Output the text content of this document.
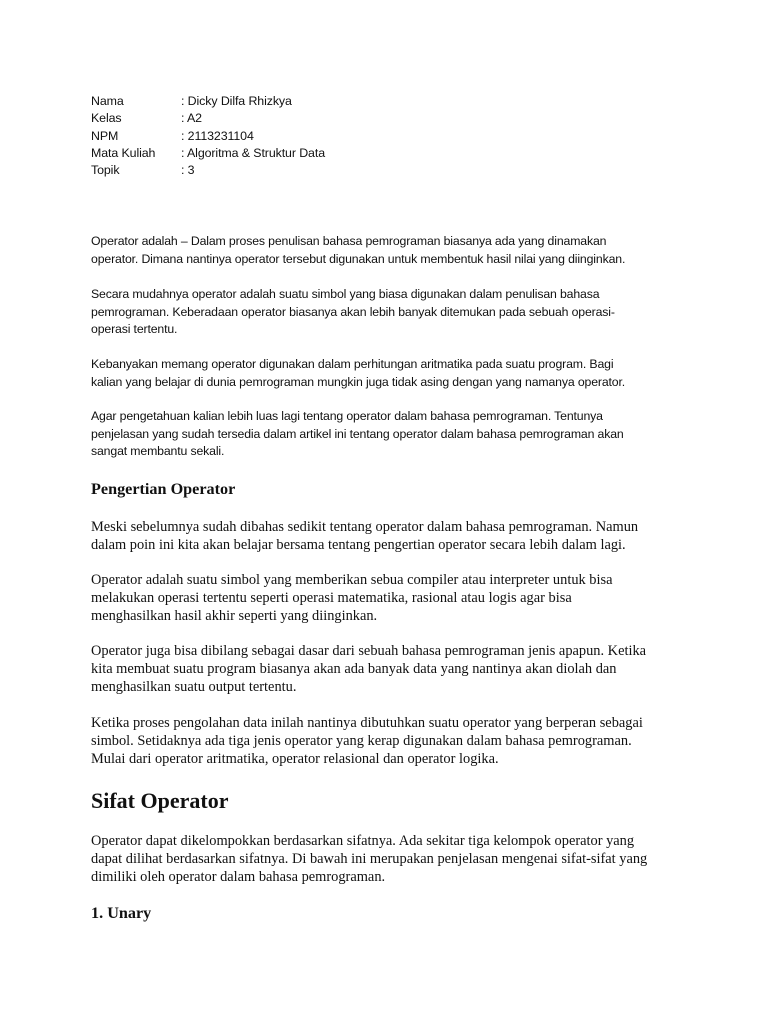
Nama	: Dicky Dilfa Rhizkya
Kelas	: A2
NPM	: 2113231104
Mata Kuliah	: Algoritma & Struktur Data
Topik	: 3

Operator adalah – Dalam proses penulisan bahasa pemrograman biasanya ada yang dinamakan
operator. Dimana nantinya operator tersebut digunakan untuk membentuk hasil nilai yang diinginkan.

Secara mudahnya operator adalah suatu simbol yang biasa digunakan dalam penulisan bahasa
pemrograman. Keberadaan operator biasanya akan lebih banyak ditemukan pada sebuah operasi-
operasi tertentu.

Kebanyakan memang operator digunakan dalam perhitungan aritmatika pada suatu program. Bagi
kalian yang belajar di dunia pemrograman mungkin juga tidak asing dengan yang namanya operator.

Agar pengetahuan kalian lebih luas lagi tentang operator dalam bahasa pemrograman. Tentunya
penjelasan yang sudah tersedia dalam artikel ini tentang operator dalam bahasa pemrograman akan
sangat membantu sekali.

Pengertian Operator

Meski sebelumnya sudah dibahas sedikit tentang operator dalam bahasa pemrograman. Namun
dalam poin ini kita akan belajar bersama tentang pengertian operator secara lebih dalam lagi.

Operator adalah suatu simbol yang memberikan sebua compiler atau interpreter untuk bisa
melakukan operasi tertentu seperti operasi matematika, rasional atau logis agar bisa
menghasilkan hasil akhir seperti yang diinginkan.

Operator juga bisa dibilang sebagai dasar dari sebuah bahasa pemrograman jenis apapun. Ketika
kita membuat suatu program biasanya akan ada banyak data yang nantinya akan diolah dan
menghasilkan suatu output tertentu.

Ketika proses pengolahan data inilah nantinya dibutuhkan suatu operator yang berperan sebagai
simbol. Setidaknya ada tiga jenis operator yang kerap digunakan dalam bahasa pemrograman.
Mulai dari operator aritmatika, operator relasional dan operator logika.

Sifat Operator

Operator dapat dikelompokkan berdasarkan sifatnya. Ada sekitar tiga kelompok operator yang
dapat dilihat berdasarkan sifatnya. Di bawah ini merupakan penjelasan mengenai sifat-sifat yang
dimiliki oleh operator dalam bahasa pemrograman.

1. Unary
